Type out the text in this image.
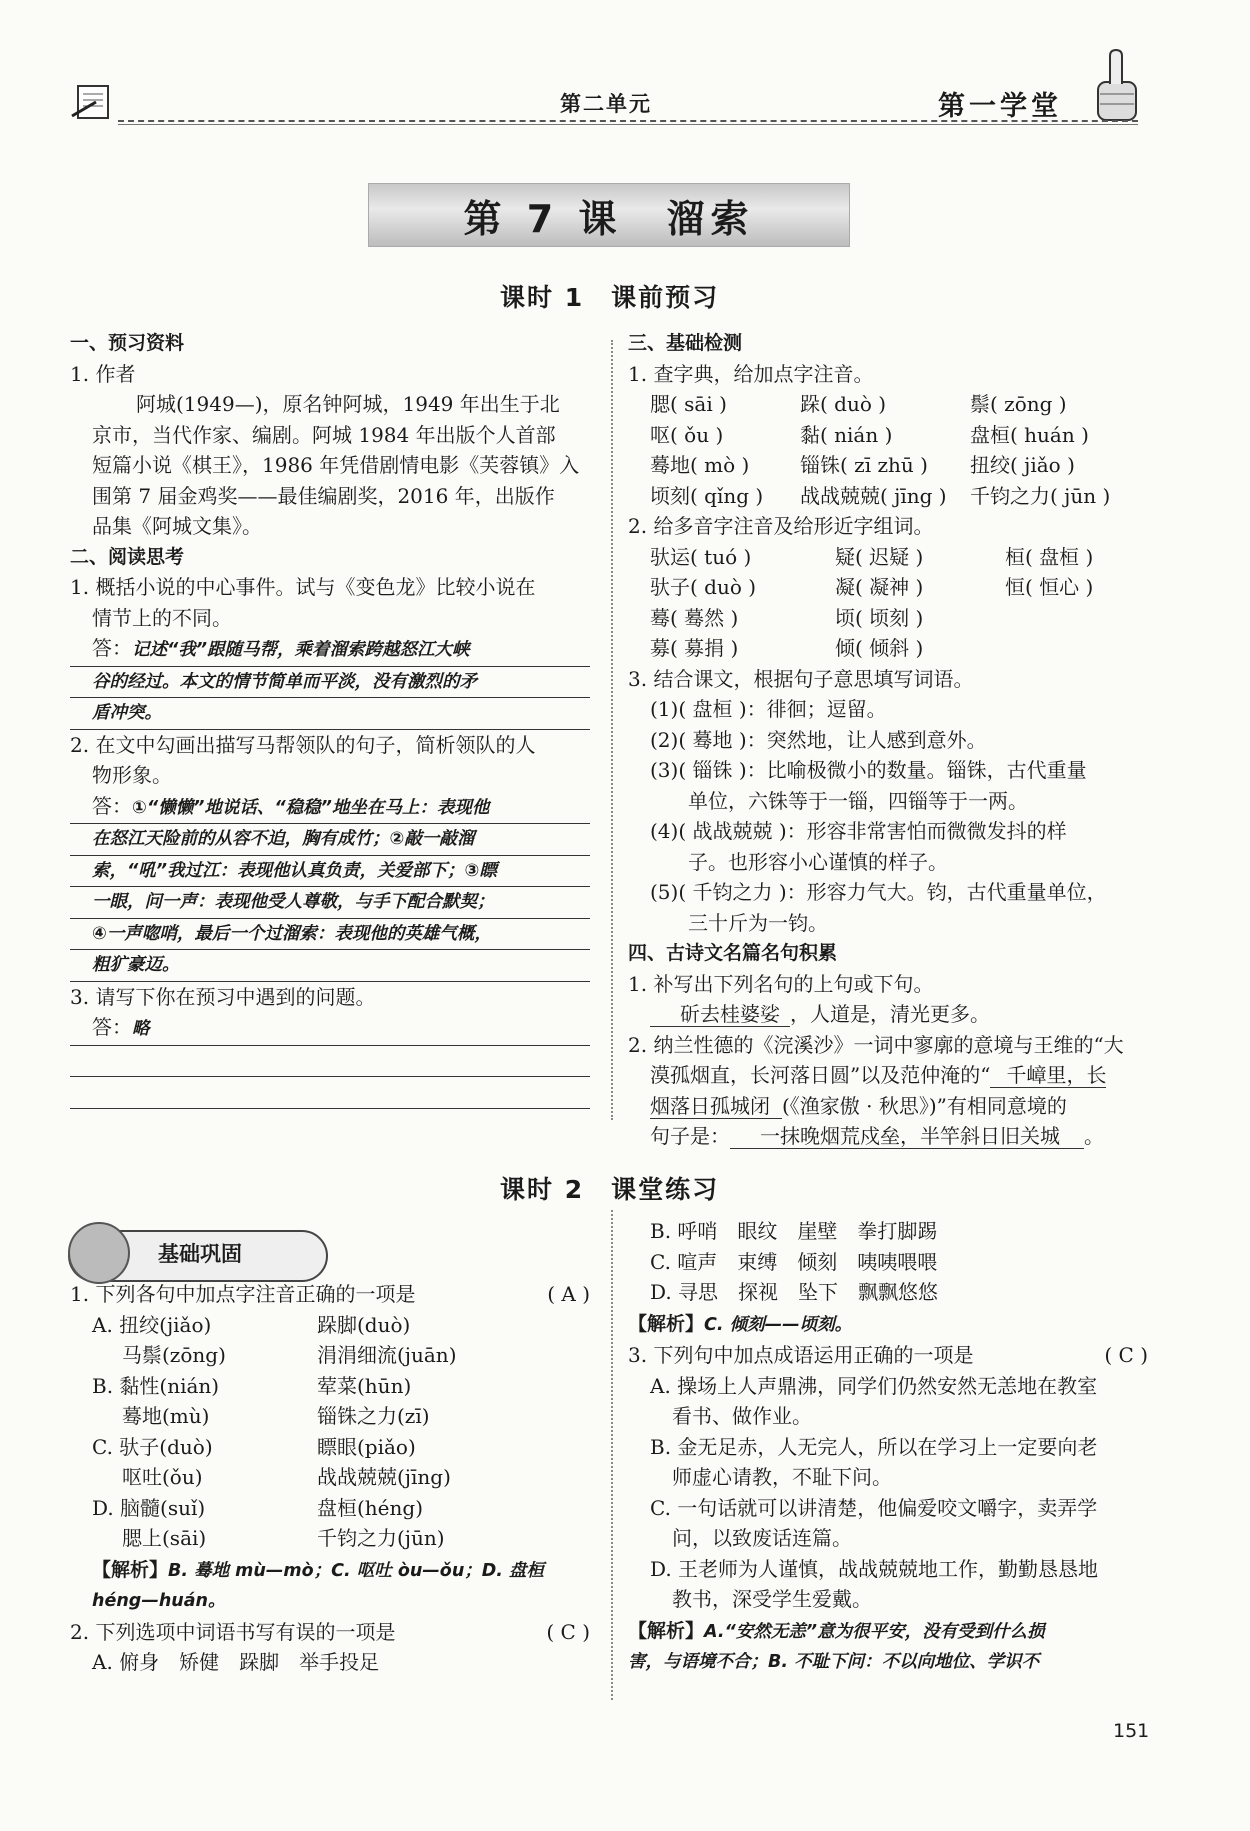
第二单元	第一学堂
第 7 课　溜索
课时 1　课前预习

一、预习资料

1. 作者

阿城(1949—)，原名钟阿城，1949 年出生于北

京市，当代作家、编剧。阿城 1984 年出版个人首部

短篇小说《棋王》，1986 年凭借剧情电影《芙蓉镇》入

围第 7 届金鸡奖——最佳编剧奖，2016 年，出版作

品集《阿城文集》。

二、阅读思考

1. 概括小说的中心事件。试与《变色龙》比较小说在

情节上的不同。

答：记述“我”跟随马帮，乘着溜索跨越怒江大峡

谷的经过。本文的情节简单而平淡，没有激烈的矛

盾冲突。

2. 在文中勾画出描写马帮领队的句子，简析领队的人

物形象。

答：①“懒懒”地说话、“稳稳”地坐在马上：表现他

在怒江天险前的从容不迫，胸有成竹；②敲一敲溜

索，“吼”我过江：表现他认真负责，关爱部下；③瞟

一眼，问一声：表现他受人尊敬，与手下配合默契；

④一声唿哨，最后一个过溜索：表现他的英雄气概，

粗犷豪迈。

3. 请写下你在预习中遇到的问题。

答：略

三、基础检测

1. 查字典，给加点字注音。

腮( sāi )	跺( duò )	鬃( zōng )
呕( ǒu )	黏( nián )	盘桓( huán )
蓦地( mò )	锱铢( zī zhū )	扭绞( jiǎo )
顷刻( qǐng )	战战兢兢( jīng )	千钧之力( jūn )

2. 给多音字注音及给形近字组词。

驮运( tuó )	疑( 迟疑 )	桓( 盘桓 )
驮子( duò )	凝( 凝神 )	恒( 恒心 )
蓦( 蓦然 )	顷( 顷刻 )
募( 募捐 )	倾( 倾斜 )

3. 结合课文，根据句子意思填写词语。

(1)( 盘桓 )：徘徊；逗留。

(2)( 蓦地 )：突然地，让人感到意外。

(3)( 锱铢 )：比喻极微小的数量。锱铢，古代重量

单位，六铢等于一锱，四锱等于一两。

(4)( 战战兢兢 )：形容非常害怕而微微发抖的样

子。也形容小心谨慎的样子。

(5)( 千钧之力 )：形容力气大。钧，古代重量单位，

三十斤为一钧。

四、古诗文名篇名句积累

1. 补写出下列名句的上句或下句。

斫去桂婆娑 ，人道是，清光更多。

2. 纳兰性德的《浣溪沙》一词中寥廓的意境与王维的“大

漠孤烟直，长河落日圆”以及范仲淹的“ 千嶂里，长

烟落日孤城闭 (《渔家傲 · 秋思》)”有相同意境的

句子是： 一抹晚烟荒戍垒，半竿斜日旧关城 。

课时 2　课堂练习
基础巩固

1. 下列各句中加点字注音正确的一项是	( A )

A. 扭绞(jiǎo)	跺脚(duò)
马鬃(zōng)	涓涓细流(juān)
B. 黏性(nián)	荤菜(hūn)
蓦地(mù)	锱铢之力(zī)
C. 驮子(duò)	瞟眼(piǎo)
呕吐(ǒu)	战战兢兢(jīng)
D. 脑髓(suǐ)	盘桓(héng)
腮上(sāi)	千钧之力(jūn)

【解析】B. 蓦地 mù—mò；C. 呕吐 òu—ǒu；D. 盘桓

héng—huán。

2. 下列选项中词语书写有误的一项是	( C )

A. 俯身　矫健　跺脚　举手投足

B. 呼哨　眼纹　崖壁　拳打脚踢

C. 喧声　束缚　倾刻　咦咦喂喂

D. 寻思　探视　坠下　飘飘悠悠

【解析】C. 倾刻——顷刻。

3. 下列句中加点成语运用正确的一项是	( C )

A. 操场上人声鼎沸，同学们仍然安然无恙地在教室

看书、做作业。

B. 金无足赤，人无完人，所以在学习上一定要向老

师虚心请教，不耻下问。

C. 一句话就可以讲清楚，他偏爱咬文嚼字，卖弄学

问，以致废话连篇。

D. 王老师为人谨慎，战战兢兢地工作，勤勤恳恳地

教书，深受学生爱戴。

【解析】A.“安然无恙”意为很平安，没有受到什么损

害，与语境不合；B. 不耻下问：不以向地位、学识不

151
